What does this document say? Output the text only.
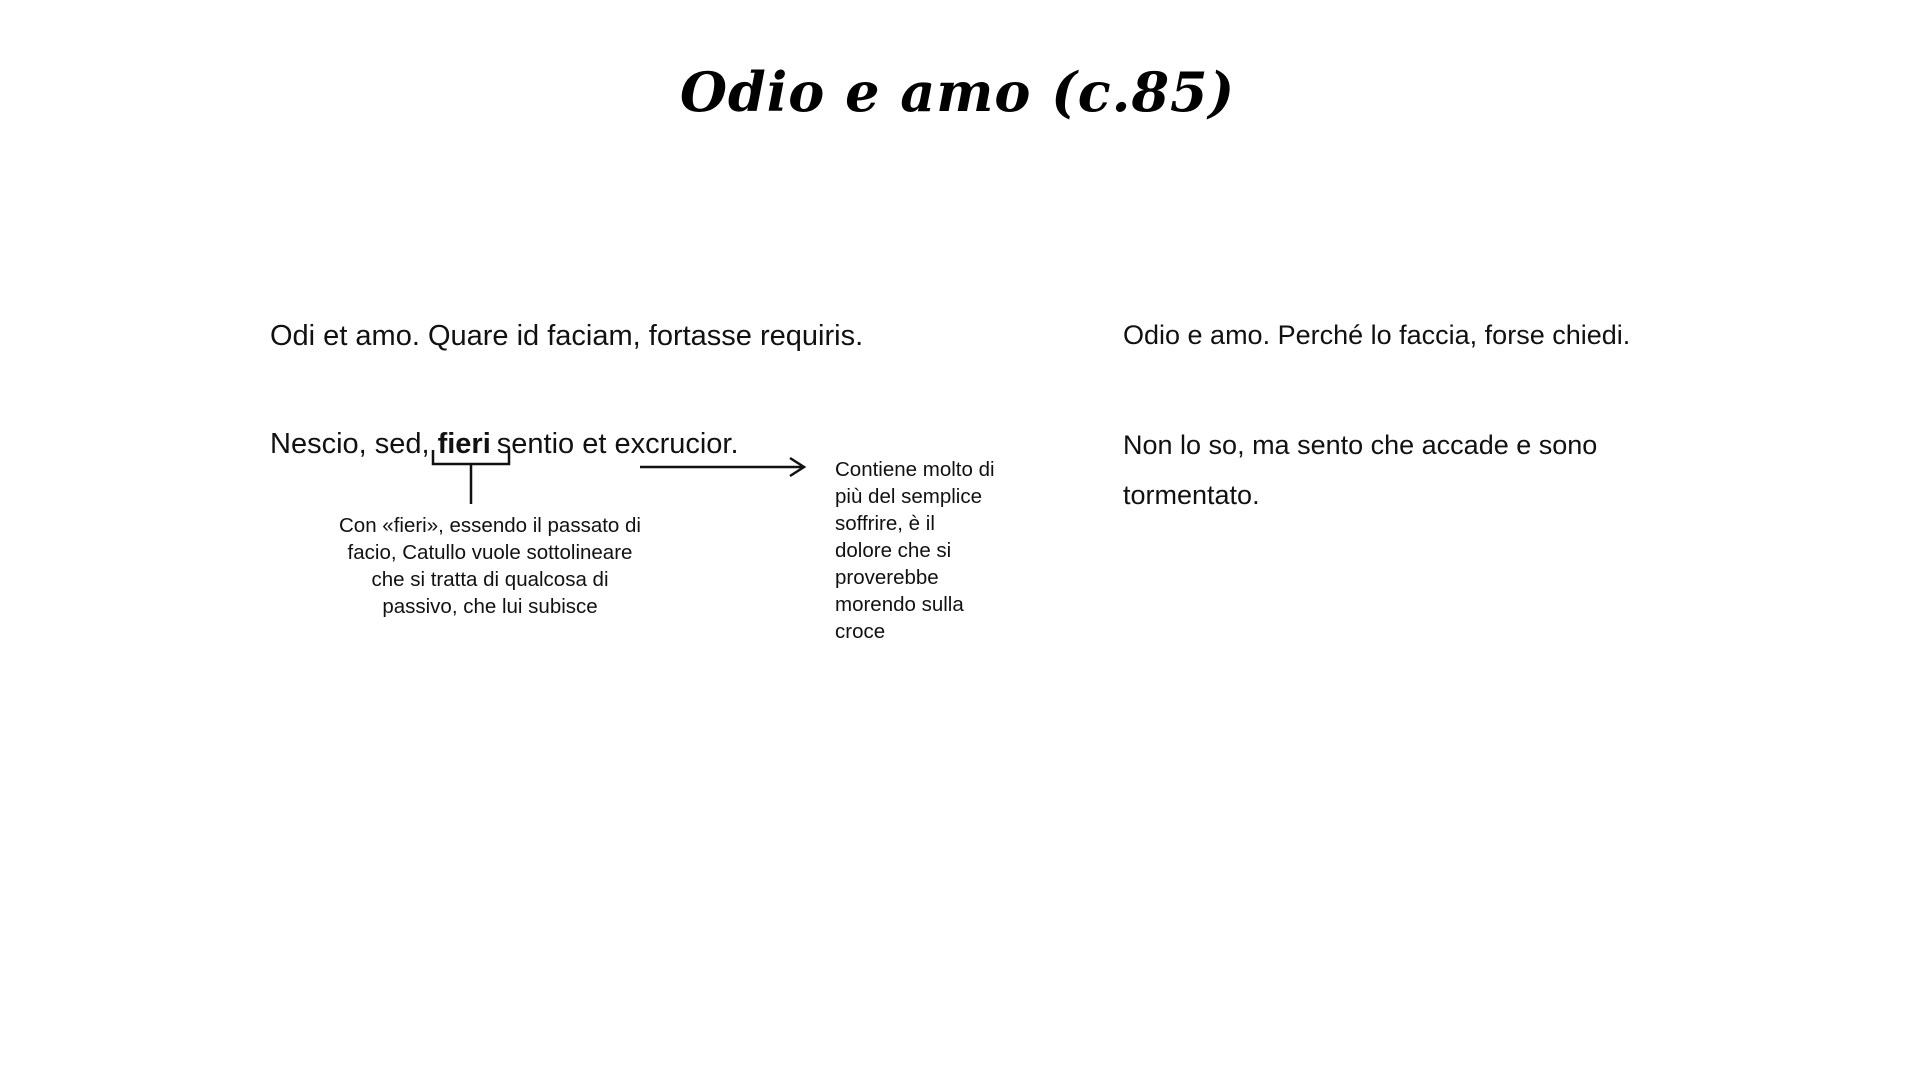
Odio e amo (c.85)
Odi et amo. Quare id faciam, fortasse requiris.
Nescio, sed, fieri sentio et excrucior.
Con «fieri», essendo il passato di
facio, Catullo vuole sottolineare
che si tratta di qualcosa di
passivo, che lui subisce
Contiene molto di
più del semplice
soffrire, è il
dolore che si
proverebbe
morendo sulla
croce
Odio e amo. Perché lo faccia, forse chiedi.
Non lo so, ma sento che accade e sono
tormentato.
